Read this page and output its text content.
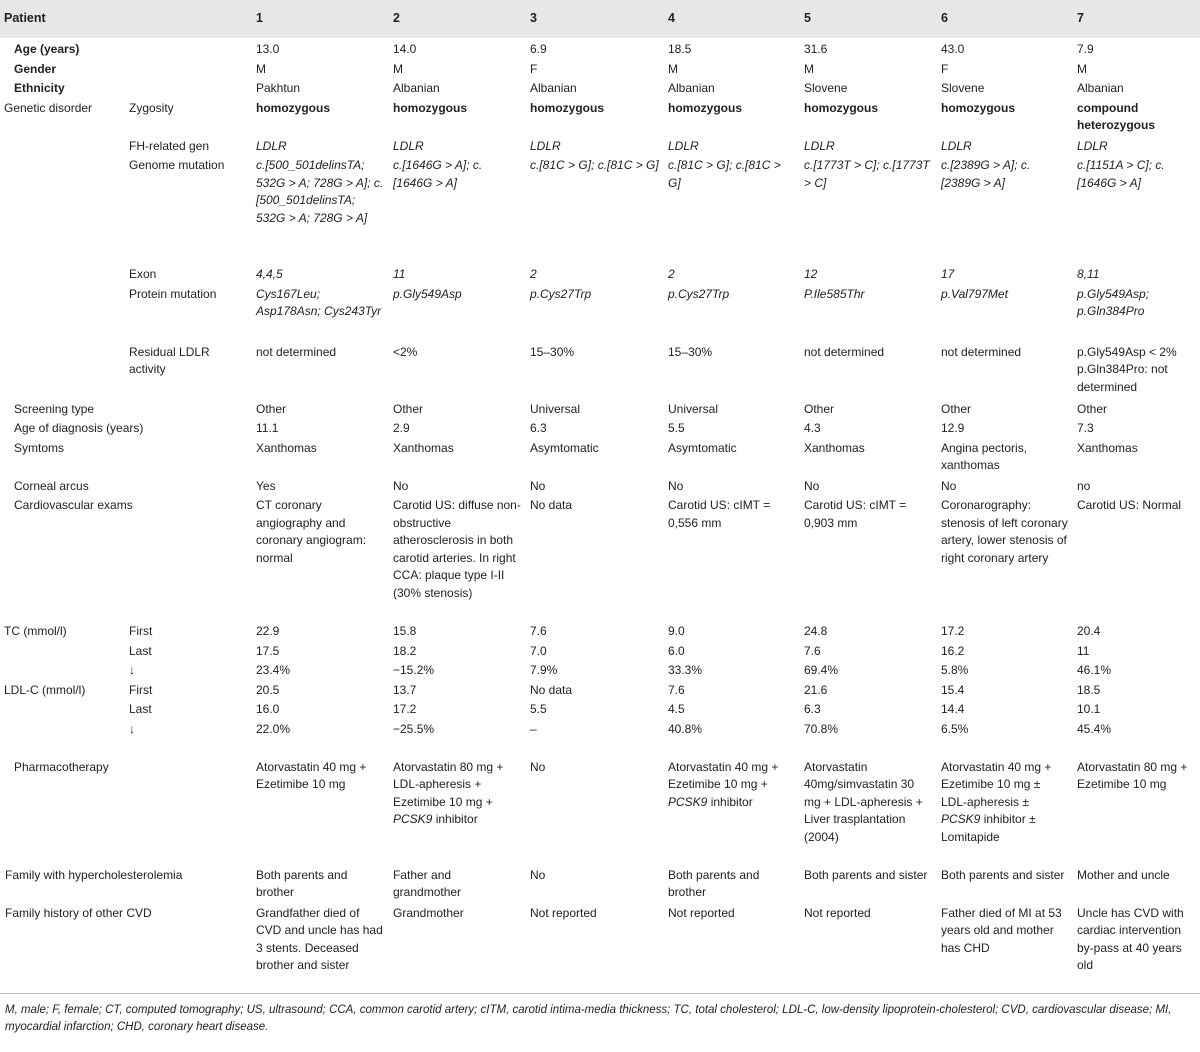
Patient		1	2	3	4	5	6	7

Age (years)		13.0	14.0	6.9	18.5	31.6	43.0	7.9
Gender		M	M	F	M	M	F	M
Ethnicity		Pakhtun	Albanian	Albanian	Albanian	Slovene	Slovene	Albanian
Genetic disorder	Zygosity	homozygous	homozygous	homozygous	homozygous	homozygous	homozygous	compound heterozygous
	FH-related gen	LDLR	LDLR	LDLR	LDLR	LDLR	LDLR	LDLR
	Genome mutation	c.[500_501delinsTA; 532G > A; 728G > A]; c.[500_501delinsTA; 532G > A; 728G > A]	c.[1646G > A]; c.[1646G > A]	c.[81C > G]; c.[81C > G]	c.[81C > G]; c.[81C > G]	c.[1773T > C]; c.[1773T > C]	c.[2389G > A]; c.[2389G > A]	c.[1151A > C]; c.[1646G > A]
	Exon	4,4,5	11	2	2	12	17	8,11
	Protein mutation	Cys167Leu; Asp178Asn; Cys243Tyr	p.Gly549Asp	p.Cys27Trp	p.Cys27Trp	P.Ile585Thr	p.Val797Met	p.Gly549Asp; p.Gln384Pro
	Residual LDLR activity	not determined	<2%	15–30%	15–30%	not determined	not determined	p.Gly549Asp < 2% p.Gln384Pro: not determined
Screening type		Other	Other	Universal	Universal	Other	Other	Other
Age of diagnosis (years)		11.1	2.9	6.3	5.5	4.3	12.9	7.3
Symtoms		Xanthomas	Xanthomas	Asymtomatic	Asymtomatic	Xanthomas	Angina pectoris, xanthomas	Xanthomas
Corneal arcus		Yes	No	No	No	No	No	no
Cardiovascular exams		CT coronary angiography and coronary angiogram: normal	Carotid US: diffuse non- obstructive atherosclerosis in both carotid arteries. In right CCA: plaque type I-II (30% stenosis)	No data	Carotid US: cIMT = 0,556 mm	Carotid US: cIMT = 0,903 mm	Coronarography: stenosis of left coronary artery, lower stenosis of right coronary artery	Carotid US: Normal
TC (mmol/l)	First	22.9	15.8	7.6	9.0	24.8	17.2	20.4
	Last	17.5	18.2	7.0	6.0	7.6	16.2	11
	↓	23.4%	−15.2%	7.9%	33.3%	69.4%	5.8%	46.1%
LDL-C (mmol/l)	First	20.5	13.7	No data	7.6	21.6	15.4	18.5
	Last	16.0	17.2	5.5	4.5	6.3	14.4	10.1
	↓	22.0%	−25.5%	–	40.8%	70.8%	6.5%	45.4%
Pharmacotherapy		Atorvastatin 40 mg + Ezetimibe 10 mg	Atorvastatin 80 mg + LDL-apheresis + Ezetimibe 10 mg + PCSK9 inhibitor	No	Atorvastatin 40 mg + Ezetimibe 10 mg + PCSK9 inhibitor	Atorvastatin 40mg/simvastatin 30 mg + LDL-apheresis + Liver trasplantation (2004)	Atorvastatin 40 mg + Ezetimibe 10 mg ± LDL-apheresis ± PCSK9 inhibitor ± Lomitapide	Atorvastatin 80 mg + Ezetimibe 10 mg
Family with hypercholesterolemia		Both parents and brother	Father and grandmother	No	Both parents and brother	Both parents and sister	Both parents and sister	Mother and uncle
Family history of other CVD		Grandfather died of CVD and uncle has had 3 stents. Deceased brother and sister	Grandmother	Not reported	Not reported	Not reported	Father died of MI at 53 years old and mother has CHD	Uncle has CVD with cardiac intervention by-pass at 40 years old
M, male; F, female; CT, computed tomography; US, ultrasound; CCA, common carotid artery; cITM, carotid intima-media thickness; TC, total cholesterol; LDL-C, low-density lipoprotein-cholesterol; CVD, cardiovascular disease; MI, myocardial infarction; CHD, coronary heart disease.
